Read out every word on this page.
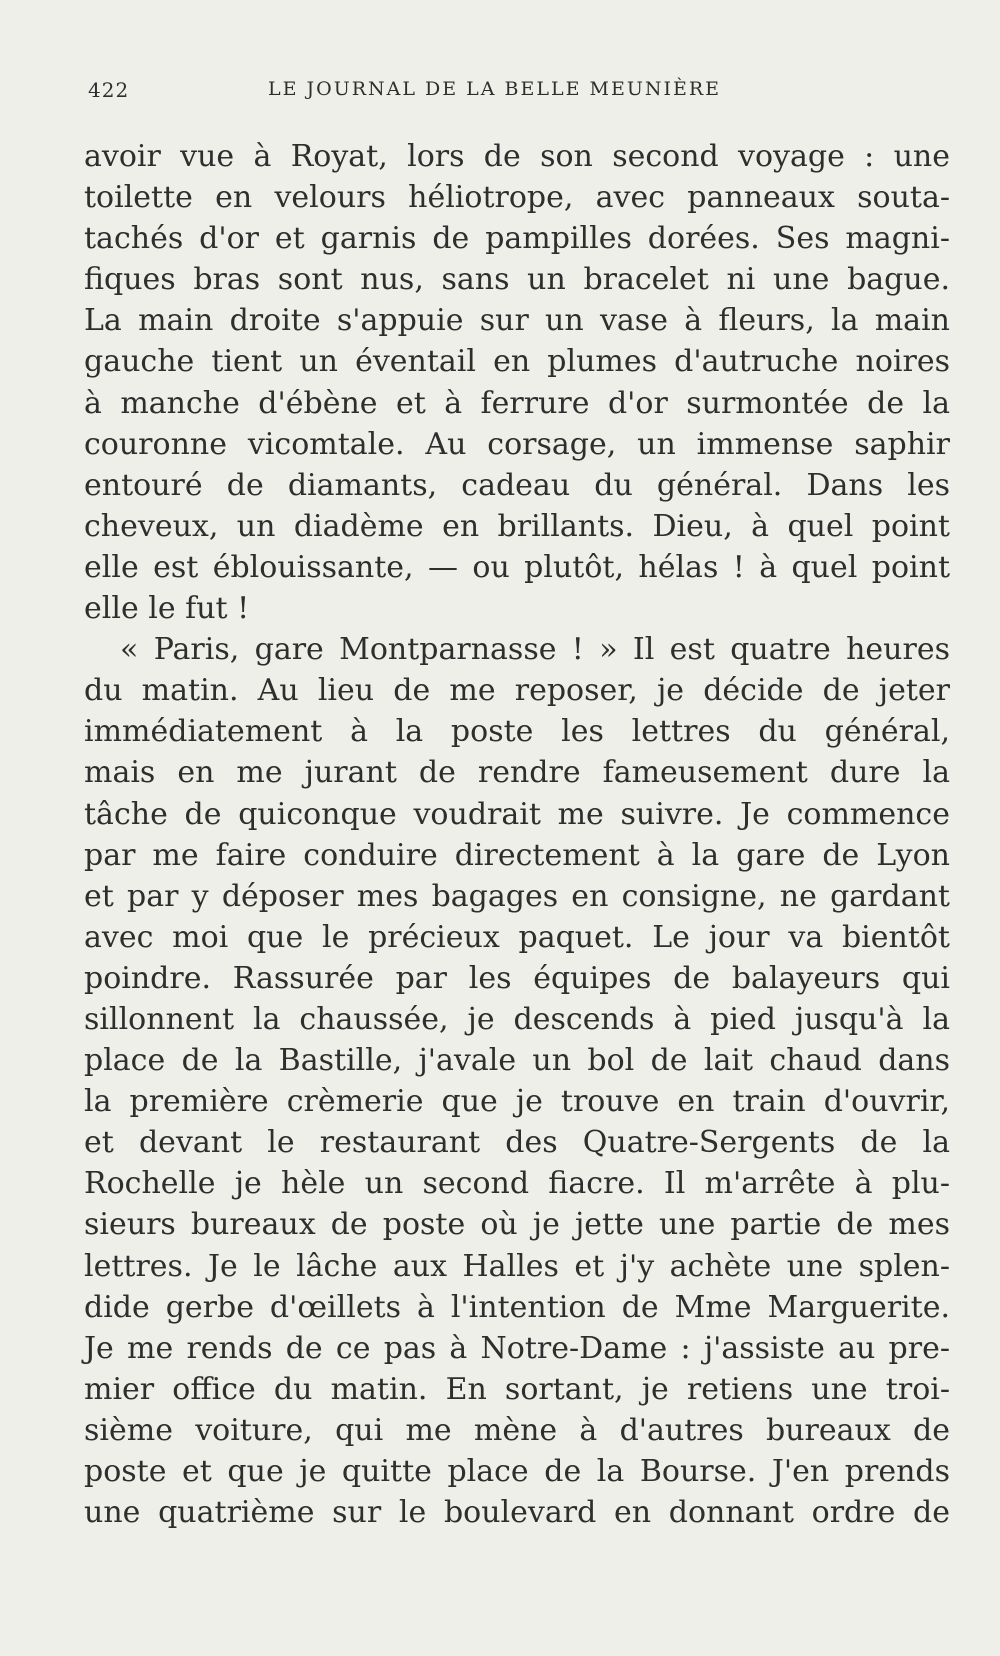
422	LE JOURNAL DE LA BELLE MEUNIÈRE
avoir vue à Royat, lors de son second voyage : une
toilette en velours héliotrope, avec panneaux souta-
tachés d'or et garnis de pampilles dorées. Ses magni-
fiques bras sont nus, sans un bracelet ni une bague.
La main droite s'appuie sur un vase à fleurs, la main
gauche tient un éventail en plumes d'autruche noires
à manche d'ébène et à ferrure d'or surmontée de la
couronne vicomtale. Au corsage, un immense saphir
entouré de diamants, cadeau du général. Dans les
cheveux, un diadème en brillants. Dieu, à quel point
elle est éblouissante, — ou plutôt, hélas ! à quel point
elle le fut !
« Paris, gare Montparnasse ! » Il est quatre heures
du matin. Au lieu de me reposer, je décide de jeter
immédiatement à la poste les lettres du général,
mais en me jurant de rendre fameusement dure la
tâche de quiconque voudrait me suivre. Je commence
par me faire conduire directement à la gare de Lyon
et par y déposer mes bagages en consigne, ne gardant
avec moi que le précieux paquet. Le jour va bientôt
poindre. Rassurée par les équipes de balayeurs qui
sillonnent la chaussée, je descends à pied jusqu'à la
place de la Bastille, j'avale un bol de lait chaud dans
la première crèmerie que je trouve en train d'ouvrir,
et devant le restaurant des Quatre-Sergents de la
Rochelle je hèle un second fiacre. Il m'arrête à plu-
sieurs bureaux de poste où je jette une partie de mes
lettres. Je le lâche aux Halles et j'y achète une splen-
dide gerbe d'œillets à l'intention de Mme Marguerite.
Je me rends de ce pas à Notre-Dame : j'assiste au pre-
mier office du matin. En sortant, je retiens une troi-
sième voiture, qui me mène à d'autres bureaux de
poste et que je quitte place de la Bourse. J'en prends
une quatrième sur le boulevard en donnant ordre de
